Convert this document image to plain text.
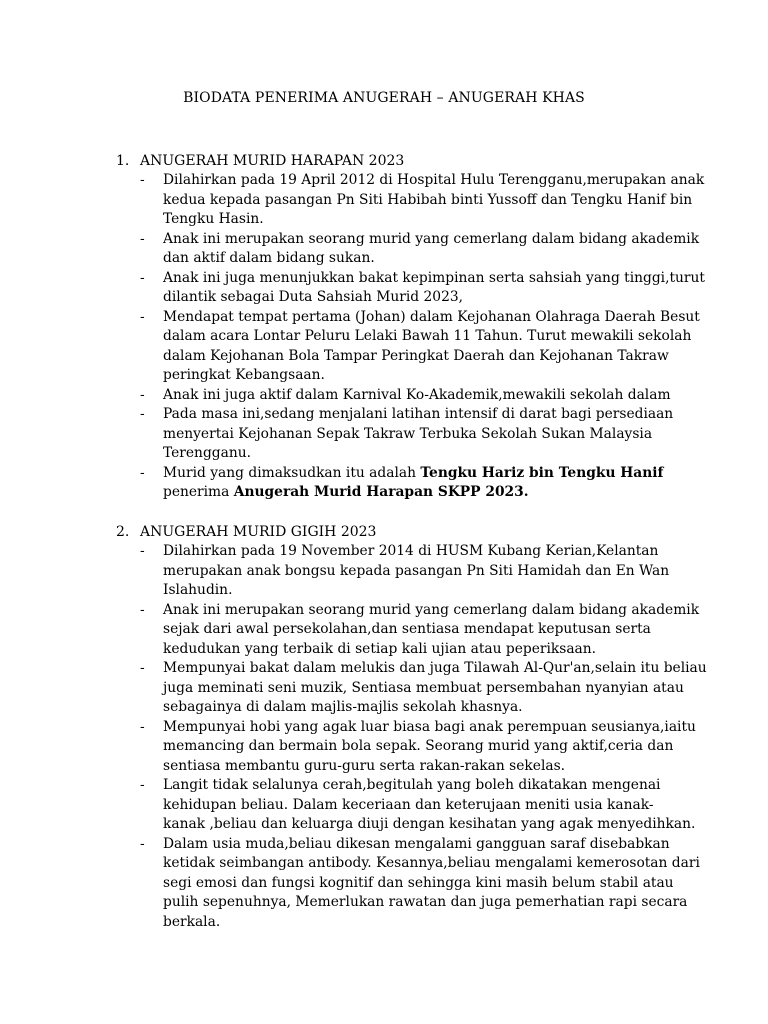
BIODATA PENERIMA ANUGERAH – ANUGERAH KHAS
1. ANUGERAH MURID HARAPAN 2023
- Dilahirkan pada 19 April 2012 di Hospital Hulu Terengganu,merupakan anak
kedua kepada pasangan Pn Siti Habibah binti Yussoff dan Tengku Hanif bin
Tengku Hasin.
- Anak ini merupakan seorang murid yang cemerlang dalam bidang akademik
dan aktif dalam bidang sukan.
- Anak ini juga menunjukkan bakat kepimpinan serta sahsiah yang tinggi,turut
dilantik sebagai Duta Sahsiah Murid 2023,
- Mendapat tempat pertama (Johan) dalam Kejohanan Olahraga Daerah Besut
dalam acara Lontar Peluru Lelaki Bawah 11 Tahun. Turut mewakili sekolah
dalam Kejohanan Bola Tampar Peringkat Daerah dan Kejohanan Takraw
peringkat Kebangsaan.
- Anak ini juga aktif dalam Karnival Ko-Akademik,mewakili sekolah dalam
- Pada masa ini,sedang menjalani latihan intensif di darat bagi persediaan
menyertai Kejohanan Sepak Takraw Terbuka Sekolah Sukan Malaysia
Terengganu.
- Murid yang dimaksudkan itu adalah Tengku Hariz bin Tengku Hanif
penerima Anugerah Murid Harapan SKPP 2023.
2. ANUGERAH MURID GIGIH 2023
- Dilahirkan pada 19 November 2014 di HUSM Kubang Kerian,Kelantan
merupakan anak bongsu kepada pasangan Pn Siti Hamidah dan En Wan
Islahudin.
- Anak ini merupakan seorang murid yang cemerlang dalam bidang akademik
sejak dari awal persekolahan,dan sentiasa mendapat keputusan serta
kedudukan yang terbaik di setiap kali ujian atau peperiksaan.
- Mempunyai bakat dalam melukis dan juga Tilawah Al-Qur'an,selain itu beliau
juga meminati seni muzik, Sentiasa membuat persembahan nyanyian atau
sebagainya di dalam majlis-majlis sekolah khasnya.
- Mempunyai hobi yang agak luar biasa bagi anak perempuan seusianya,iaitu
memancing dan bermain bola sepak. Seorang murid yang aktif,ceria dan
sentiasa membantu guru-guru serta rakan-rakan sekelas.
- Langit tidak selalunya cerah,begitulah yang boleh dikatakan mengenai
kehidupan beliau. Dalam keceriaan dan keterujaan meniti usia kanak-
kanak ,beliau dan keluarga diuji dengan kesihatan yang agak menyedihkan.
- Dalam usia muda,beliau dikesan mengalami gangguan saraf disebabkan
ketidak seimbangan antibody. Kesannya,beliau mengalami kemerosotan dari
segi emosi dan fungsi kognitif dan sehingga kini masih belum stabil atau
pulih sepenuhnya, Memerlukan rawatan dan juga pemerhatian rapi secara
berkala.
